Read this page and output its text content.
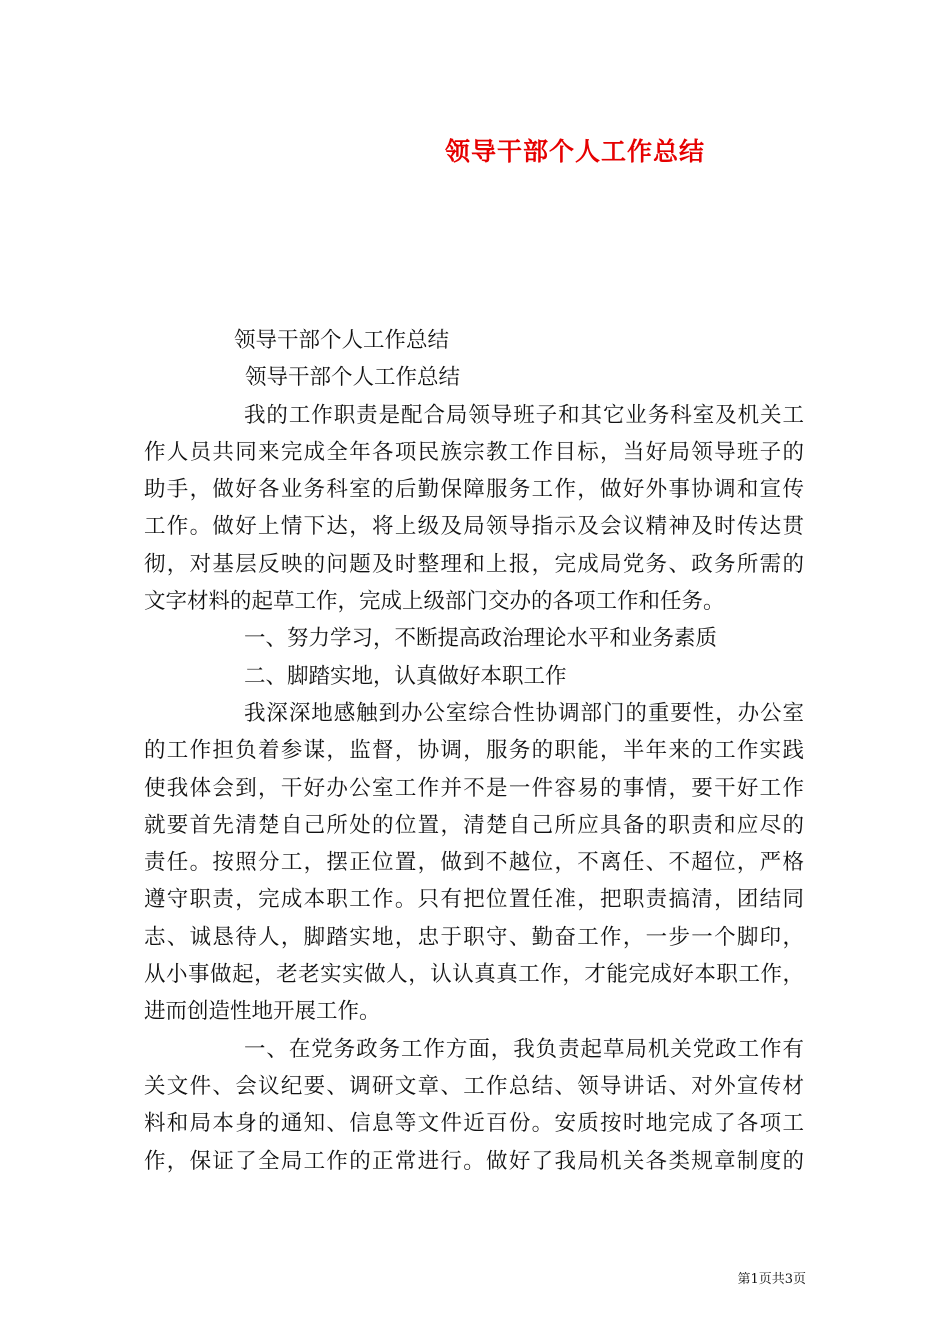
领导干部个人工作总结
领导干部个人工作总结
领导干部个人工作总结
我的工作职责是配合局领导班子和其它业务科室及机关工
作人员共同来完成全年各项民族宗教工作目标，当好局领导班子的
助手，做好各业务科室的后勤保障服务工作，做好外事协调和宣传
工作。做好上情下达，将上级及局领导指示及会议精神及时传达贯
彻，对基层反映的问题及时整理和上报，完成局党务、政务所需的
文字材料的起草工作，完成上级部门交办的各项工作和任务。
一、努力学习，不断提高政治理论水平和业务素质
二、脚踏实地，认真做好本职工作
我深深地感触到办公室综合性协调部门的重要性，办公室
的工作担负着参谋，监督，协调，服务的职能，半年来的工作实践
使我体会到，干好办公室工作并不是一件容易的事情，要干好工作
就要首先清楚自己所处的位置，清楚自己所应具备的职责和应尽的
责任。按照分工，摆正位置，做到不越位，不离任、不超位，严格
遵守职责，完成本职工作。只有把位置任准，把职责搞清，团结同
志、诚恳待人，脚踏实地，忠于职守、勤奋工作，一步一个脚印，
从小事做起，老老实实做人，认认真真工作，才能完成好本职工作，
进而创造性地开展工作。
一、在党务政务工作方面，我负责起草局机关党政工作有
关文件、会议纪要、调研文章、工作总结、领导讲话、对外宣传材
料和局本身的通知、信息等文件近百份。安质按时地完成了各项工
作，保证了全局工作的正常进行。做好了我局机关各类规章制度的
第1页共3页
